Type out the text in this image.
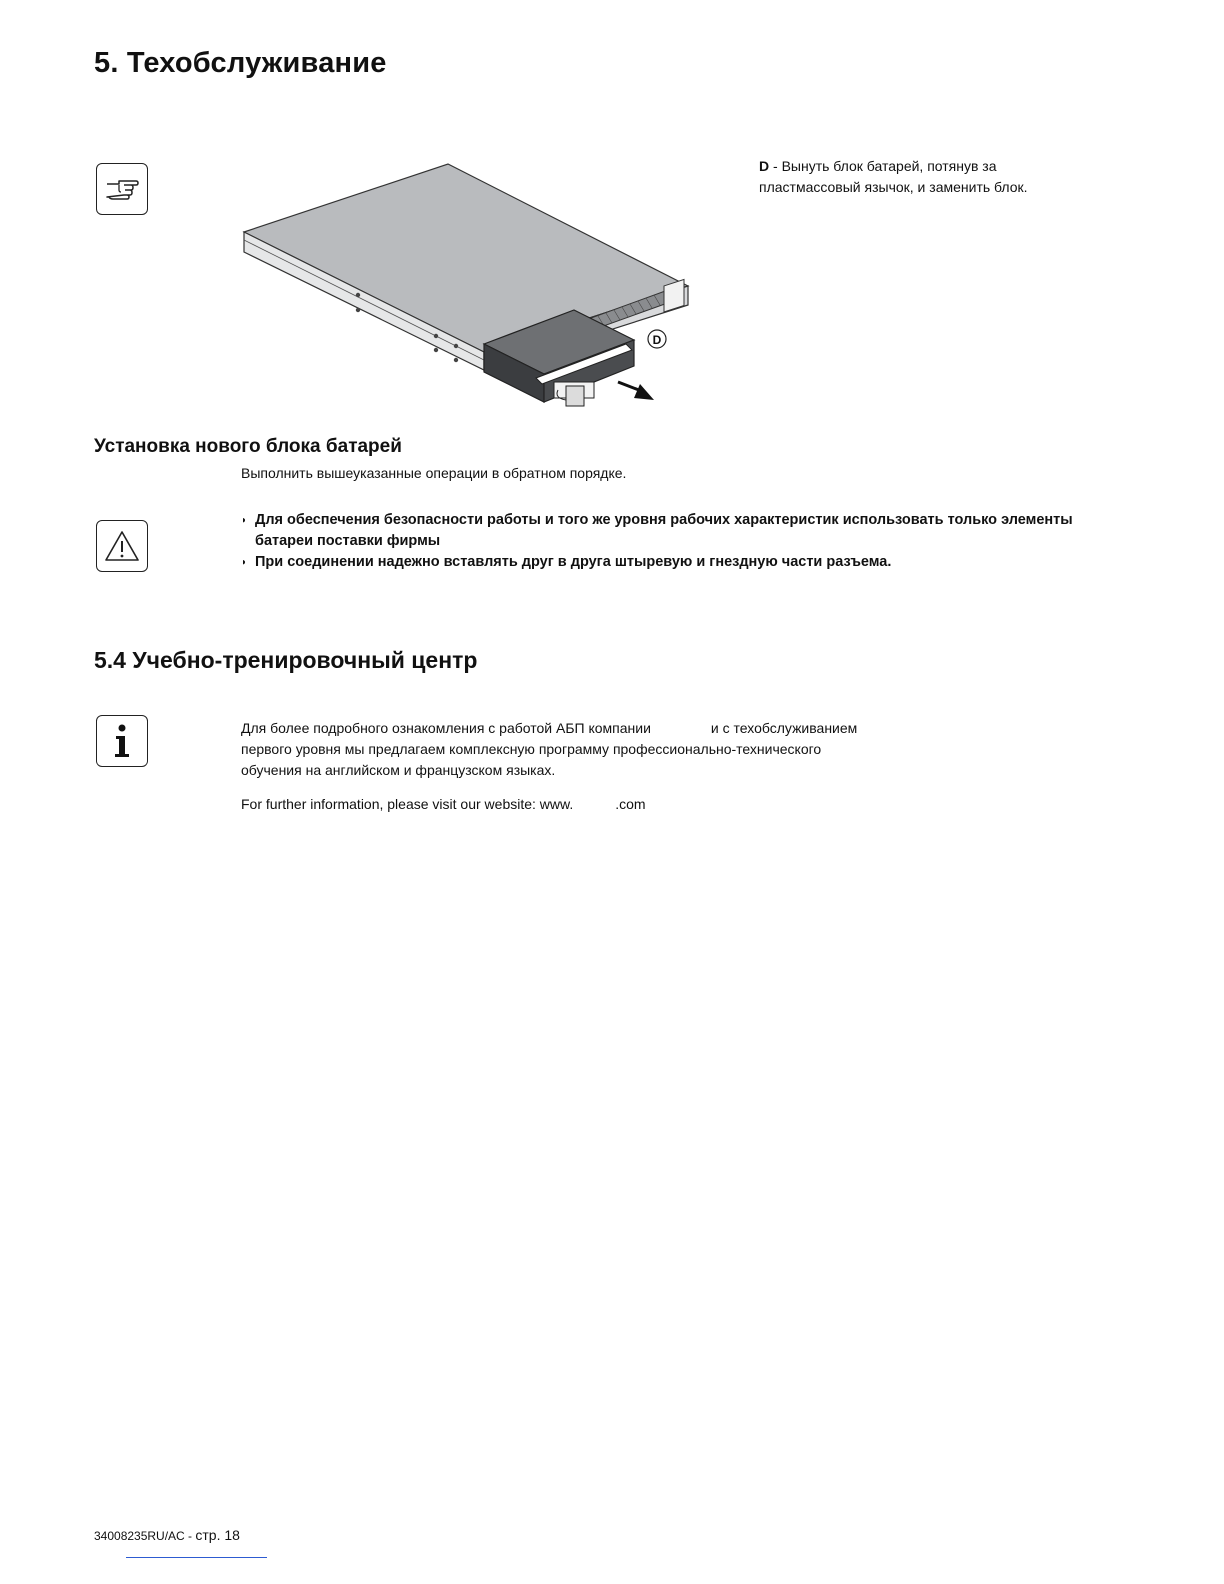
5. Техобслуживание
D
D - Вынуть блок батарей, потянув за пластмассовый язычок, и заменить блок.
Установка нового блока батарей
Выполнить вышеуказанные операции в обратном порядке.
◗ Для обеспечения безопасности работы и того же уровня рабочих характеристик использовать только элементы батареи поставки фирмы
◗ При соединении надежно вставлять друг в друга штыревую и гнездную части разъема.
5.4 Учебно-тренировочный центр
Для более подробного ознакомления с работой АБП компании	и с техобслуживанием
первого уровня мы предлагаем комплексную программу профессионально-технического
обучения на английском и французском языках.
For further information, please visit our website: www.	.com
34008235RU/AC - стр. 18
